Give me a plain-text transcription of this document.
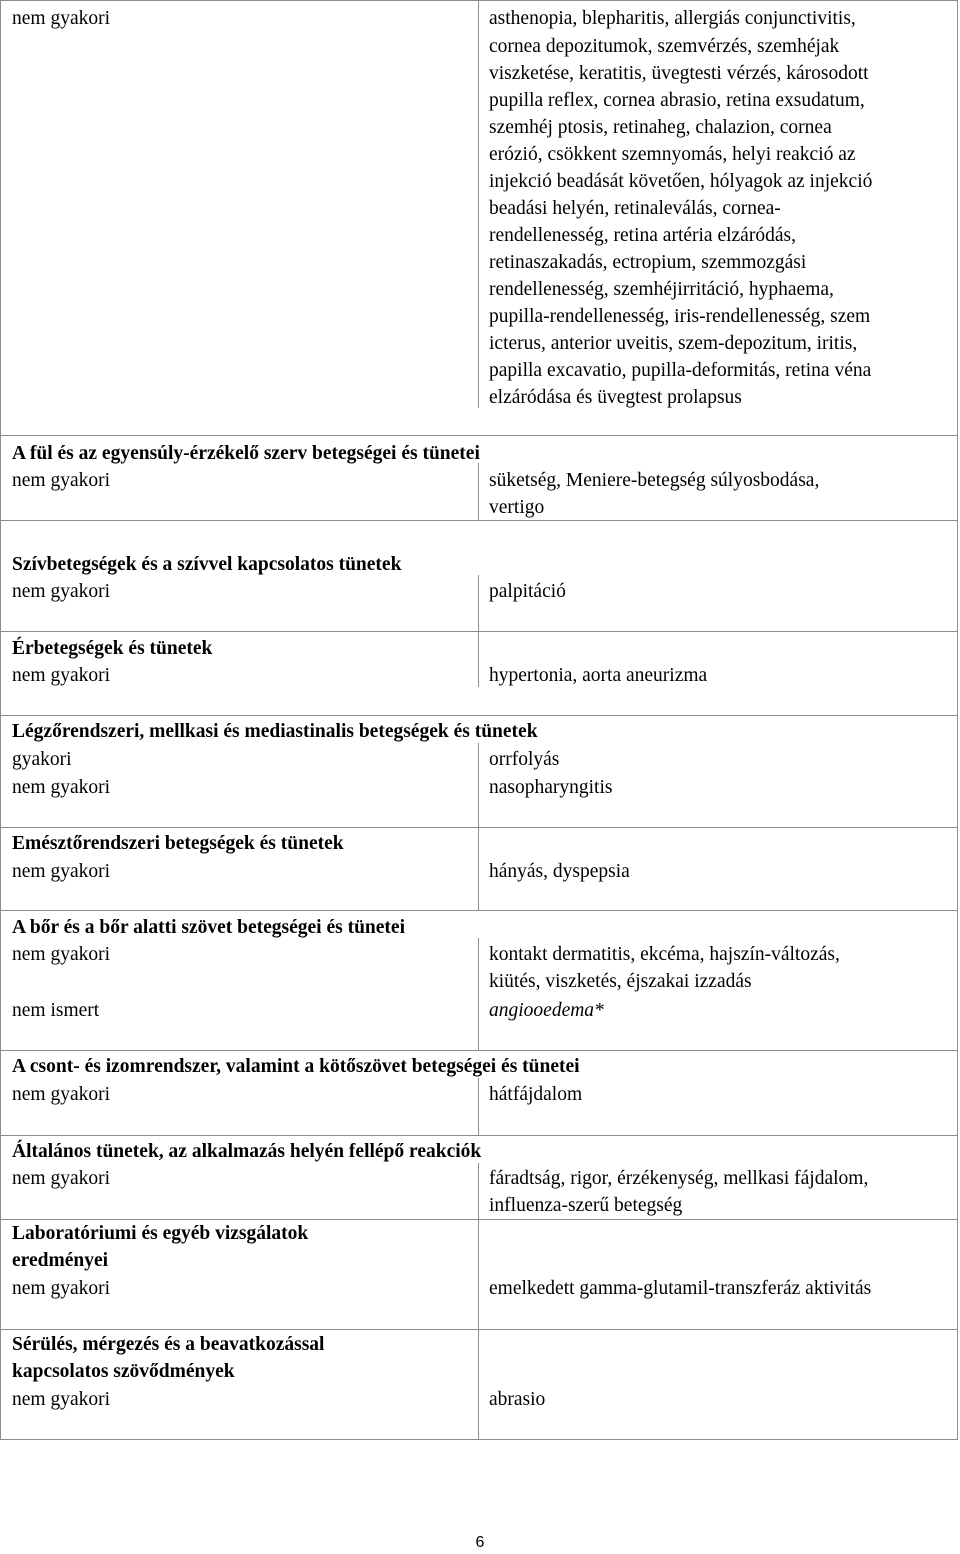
nem gyakori	asthenopia, blepharitis, allergiás conjunctivitis,
cornea depozitumok, szemvérzés, szemhéjak
viszketése, keratitis, üvegtesti vérzés, károsodott
pupilla reflex, cornea abrasio, retina exsudatum,
szemhéj ptosis, retinaheg, chalazion, cornea
erózió, csökkent szemnyomás, helyi reakció az
injekció beadását követően, hólyagok az injekció
beadási helyén, retinaleválás, cornea-
rendellenesség, retina artéria elzáródás,
retinaszakadás, ectropium, szemmozgási
rendellenesség, szemhéjirritáció, hyphaema,
pupilla-rendellenesség, iris-rendellenesség, szem
icterus, anterior uveitis, szem-depozitum, iritis,
papilla excavatio, pupilla-deformitás, retina véna
elzáródása és üvegtest prolapsus
A fül és az egyensúly-érzékelő szerv betegségei és tünetei
nem gyakori	süketség, Meniere-betegség súlyosbodása,
vertigo
Szívbetegségek és a szívvel kapcsolatos tünetek
nem gyakori	palpitáció
Érbetegségek és tünetek
nem gyakori	hypertonia, aorta aneurizma
Légzőrendszeri, mellkasi és mediastinalis betegségek és tünetek
gyakori	orrfolyás
nem gyakori	nasopharyngitis
Emésztőrendszeri betegségek és tünetek
nem gyakori	hányás, dyspepsia
A bőr és a bőr alatti szövet betegségei és tünetei
nem gyakori	kontakt dermatitis, ekcéma, hajszín-változás,
kiütés, viszketés, éjszakai izzadás
nem ismert	angiooedema*
A csont- és izomrendszer, valamint a kötőszövet betegségei és tünetei
nem gyakori	hátfájdalom
Általános tünetek, az alkalmazás helyén fellépő reakciók
nem gyakori	fáradtság, rigor, érzékenység, mellkasi fájdalom,
influenza-szerű betegség
Laboratóriumi és egyéb vizsgálatok
eredményei
nem gyakori	emelkedett gamma-glutamil-transzferáz aktivitás
Sérülés, mérgezés és a beavatkozással
kapcsolatos szövődmények
nem gyakori	abrasio
6
